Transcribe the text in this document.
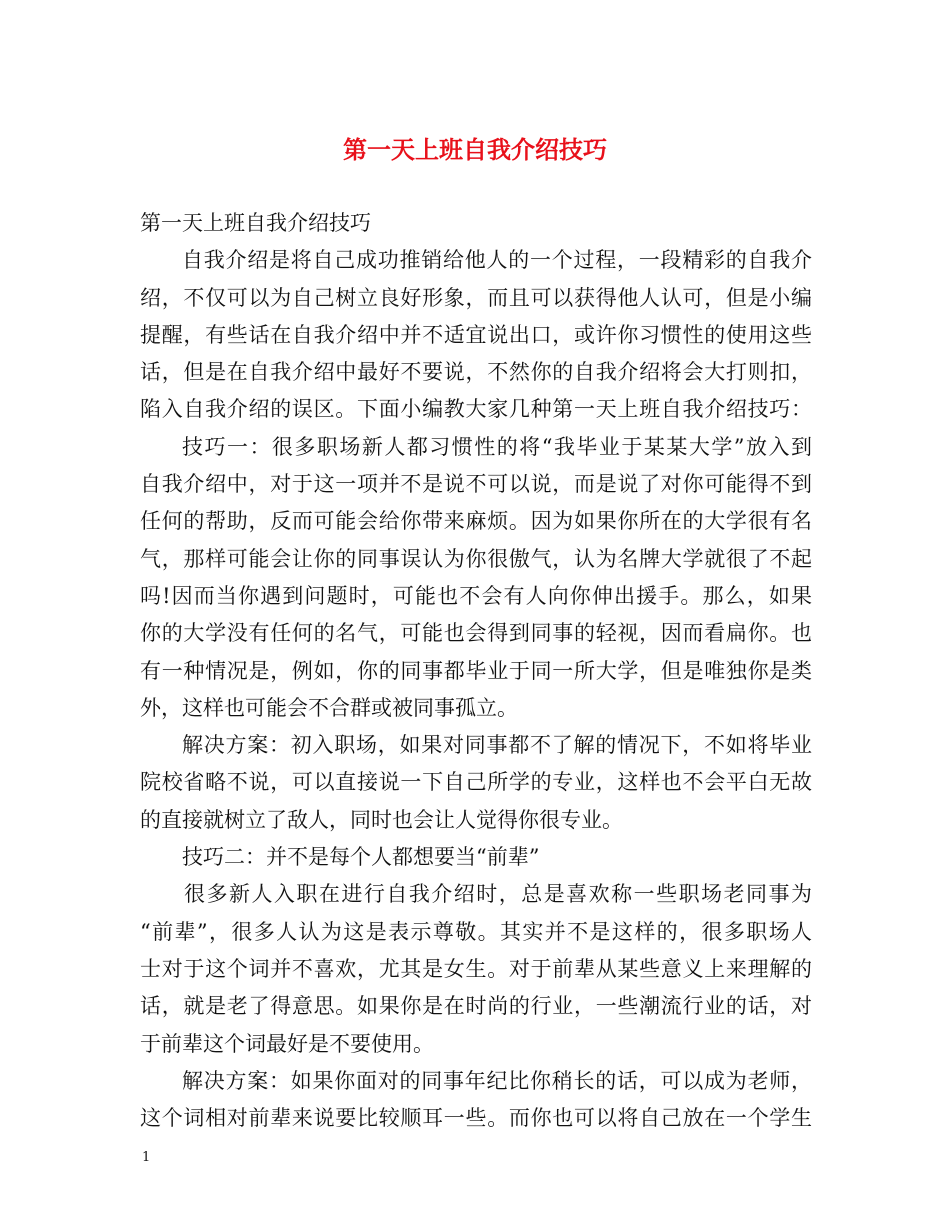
第一天上班自我介绍技巧
第一天上班自我介绍技巧
自我介绍是将自己成功推销给他人的一个过程，一段精彩的自我介
绍，不仅可以为自己树立良好形象，而且可以获得他人认可，但是小编
提醒，有些话在自我介绍中并不适宜说出口，或许你习惯性的使用这些
话，但是在自我介绍中最好不要说，不然你的自我介绍将会大打则扣，
陷入自我介绍的误区。下面小编教大家几种第一天上班自我介绍技巧：
技巧一：很多职场新人都习惯性的将“我毕业于某某大学”放入到
自我介绍中，对于这一项并不是说不可以说，而是说了对你可能得不到
任何的帮助，反而可能会给你带来麻烦。因为如果你所在的大学很有名
气，那样可能会让你的同事误认为你很傲气，认为名牌大学就很了不起
吗!因而当你遇到问题时，可能也不会有人向你伸出援手。那么，如果
你的大学没有任何的名气，可能也会得到同事的轻视，因而看扁你。也
有一种情况是，例如，你的同事都毕业于同一所大学，但是唯独你是类
外，这样也可能会不合群或被同事孤立。
解决方案：初入职场，如果对同事都不了解的情况下，不如将毕业
院校省略不说，可以直接说一下自己所学的专业，这样也不会平白无故
的直接就树立了敌人，同时也会让人觉得你很专业。
技巧二：并不是每个人都想要当“前辈”
很多新人入职在进行自我介绍时，总是喜欢称一些职场老同事为
“前辈”，很多人认为这是表示尊敬。其实并不是这样的，很多职场人
士对于这个词并不喜欢，尤其是女生。对于前辈从某些意义上来理解的
话，就是老了得意思。如果你是在时尚的行业，一些潮流行业的话，对
于前辈这个词最好是不要使用。
解决方案：如果你面对的同事年纪比你稍长的话，可以成为老师，
这个词相对前辈来说要比较顺耳一些。而你也可以将自己放在一个学生
1
